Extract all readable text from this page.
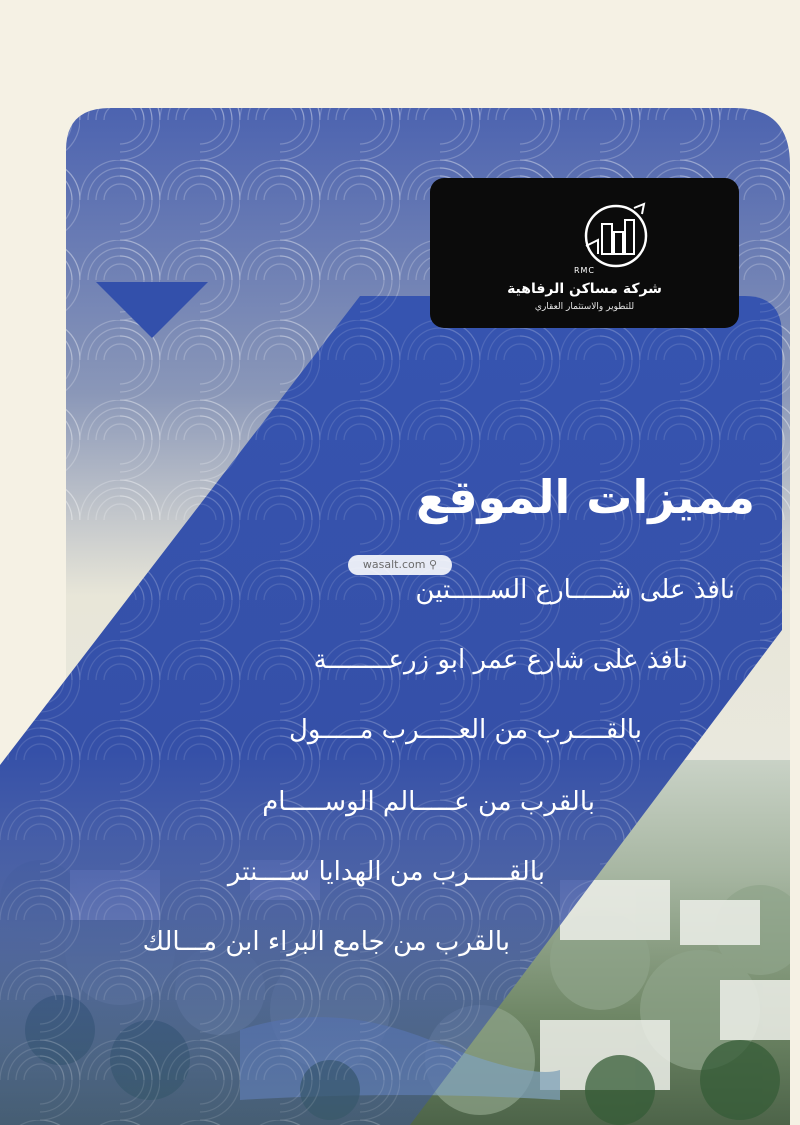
RMC
شركة مساكن الرفاهية
للتطوير والاستثمار العقاري
مميزات الموقع
wasalt.com ⚲
نافذ على شـــــارع الســـــتين
نافذ على شارع عمر ابو زرعــــــــة
بالقــــرب من العـــــرب مـــــول
بالقرب من عـــــالم الوســـــام
بالقـــــرب من الهدايا ســــنتر
بالقرب من جامع البراء ابن مـــالك
